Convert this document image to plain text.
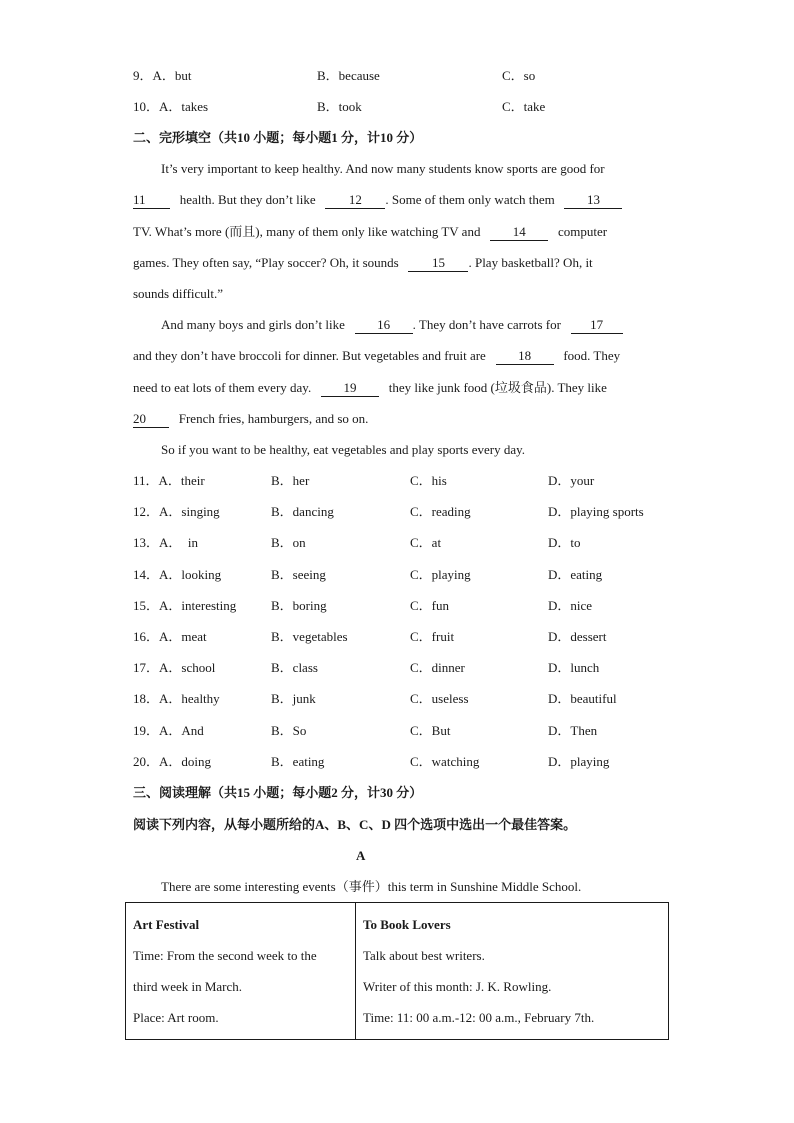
9．A．but	B．because	C．so
10．A．takes	B．took	C．take
二、完形填空（共10 小题；每小题1 分，计10 分）
It’s very important to keep healthy. And now many students know sports are good for
11	health. But they don’t like	12 . Some of them only watch them 13
TV. What’s more (而且), many of them only like watching TV and 14 computer
games. They often say, “Play soccer? Oh, it sounds	15 . Play basketball? Oh, it
sounds difficult.”
And many boys and girls don’t like 16 . They don’t have carrots for 17
and they don’t have broccoli for dinner. But vegetables and fruit are 18 food. They
need to eat lots of them every day. 19 they like junk food (垃圾食品). They like
20	French fries, hamburgers, and so on.
So if you want to be healthy, eat vegetables and play sports every day.
11．A．their	B．her	C．his	D．your
12．A．singing	B．dancing	C．reading	D．playing sports
13．A．  in	B．on	C．at	D．to
14．A．looking	B．seeing	C．playing	D．eating
15．A．interesting	B．boring	C．fun	D．nice
16．A．meat	B．vegetables	C．fruit	D．dessert
17．A．school	B．class	C．dinner	D．lunch
18．A．healthy	B．junk	C．useless	D．beautiful
19．A．And	B．So	C．But	D．Then
20．A．doing	B．eating	C．watching	D．playing
三、阅读理解（共15 小题；每小题2 分，计30 分）
阅读下列内容，从每小题所给的A、B、C、D 四个选项中选出一个最佳答案。
A
There are some interesting events（事件）this term in Sunshine Middle School.
Art Festival
Time: From the second week to the
third week in March.
Place: Art room.

To Book Lovers
Talk about best writers.
Writer of this month: J. K. Rowling.
Time: 11: 00 a.m.-12: 00 a.m., February 7th.
